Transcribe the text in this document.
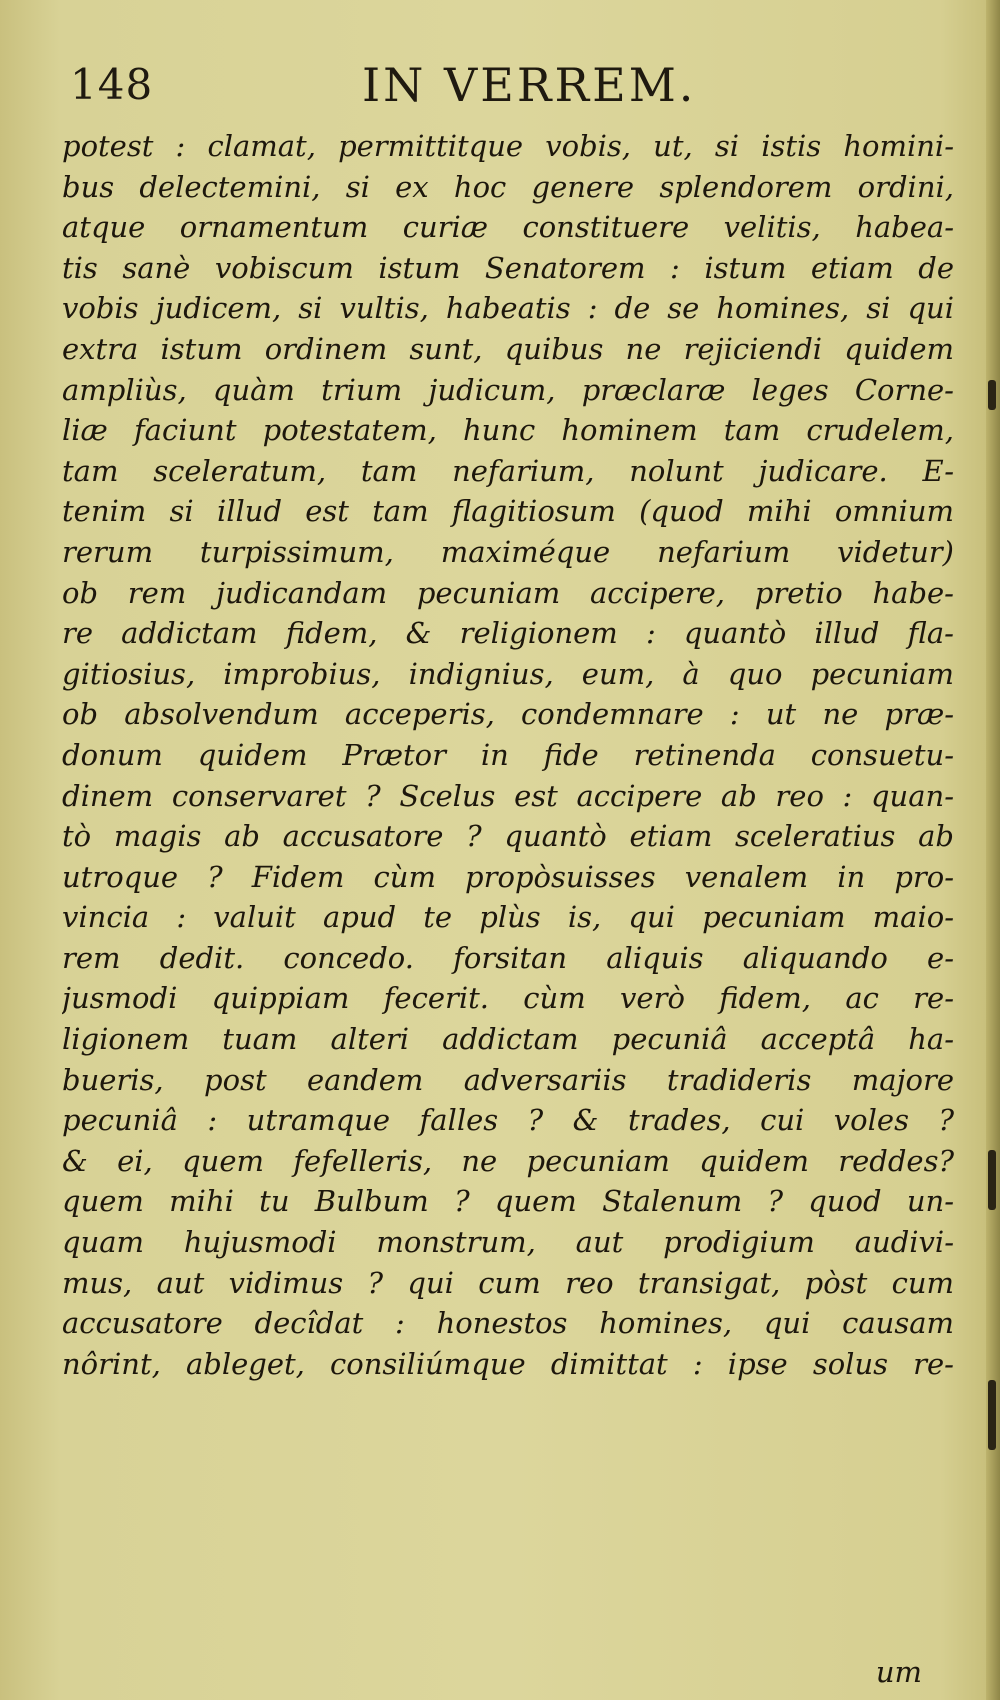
148	IN VERREM.
potest : clamat, permittitque vobis, ut, si istis homini-
bus delectemini, si ex hoc genere splendorem ordini,
atque ornamentum curiæ constituere velitis, habea-
tis sanè vobiscum istum Senatorem : istum etiam de
vobis judicem, si vultis, habeatis : de se homines, si qui
extra istum ordinem sunt, quibus ne rejiciendi quidem
ampliùs, quàm trium judicum, præclaræ leges Corne-
liæ faciunt potestatem, hunc hominem tam crudelem,
tam sceleratum, tam nefarium, nolunt judicare. E-
tenim si illud est tam flagitiosum (quod mihi omnium
rerum turpissimum, maximéque nefarium videtur)
ob rem judicandam pecuniam accipere, pretio habe-
re addictam fidem, & religionem : quantò illud fla-
gitiosius, improbius, indignius, eum, à quo pecuniam
ob absolvendum acceperis, condemnare : ut ne præ-
donum quidem Prætor in fide retinenda consuetu-
dinem conservaret ? Scelus est accipere ab reo : quan-
tò magis ab accusatore ? quantò etiam sceleratius ab
utroque ? Fidem cùm propòsuisses venalem in pro-
vincia : valuit apud te plùs is, qui pecuniam maio-
rem dedit. concedo. forsitan aliquis aliquando e-
jusmodi quippiam fecerit. cùm verò fidem, ac re-
ligionem tuam alteri addictam pecuniâ acceptâ ha-
bueris, post eandem adversariis tradideris majore
pecuniâ : utramque falles ? & trades, cui voles ?
& ei, quem fefelleris, ne pecuniam quidem reddes?
quem mihi tu Bulbum ? quem Stalenum ? quod un-
quam hujusmodi monstrum, aut prodigium audivi-
mus, aut vidimus ? qui cum reo transigat, pòst cum
accusatore decîdat : honestos homines, qui causam
nôrint, ableget, consiliúmque dimittat : ipse solus re-
um
